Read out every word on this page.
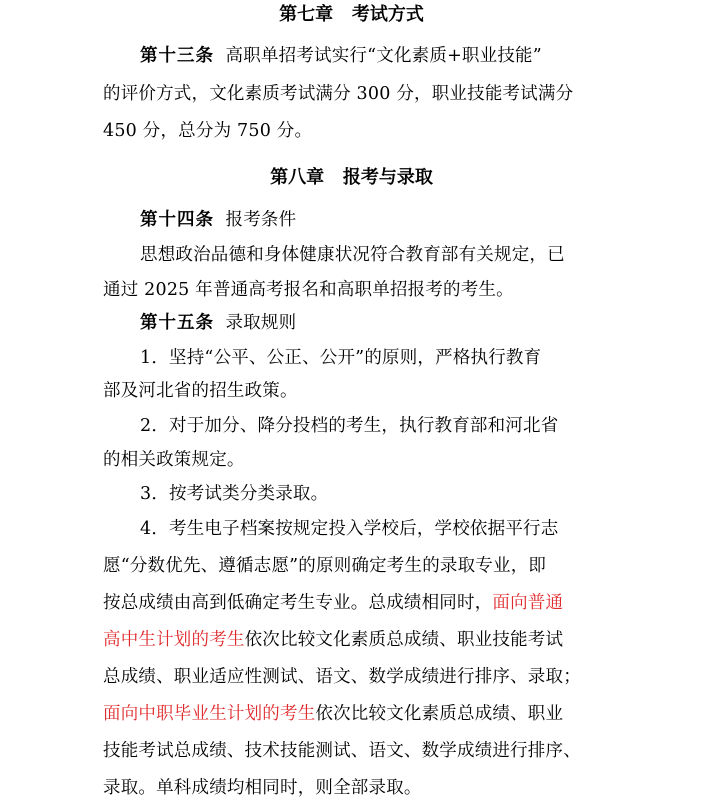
第七章   考试方式
第十三条  高职单招考试实行“文化素质+职业技能”
的评价方式，文化素质考试满分 300 分，职业技能考试满分
450 分，总分为 750 分。
第八章   报考与录取
第十四条  报考条件
思想政治品德和身体健康状况符合教育部有关规定，已
通过 2025 年普通高考报名和高职单招报考的考生。
第十五条  录取规则
1．坚持“公平、公正、公开”的原则，严格执行教育
部及河北省的招生政策。
2．对于加分、降分投档的考生，执行教育部和河北省
的相关政策规定。
3．按考试类分类录取。
4．考生电子档案按规定投入学校后，学校依据平行志
愿“分数优先、遵循志愿”的原则确定考生的录取专业，即
按总成绩由高到低确定考生专业。总成绩相同时，面向普通
高中生计划的考生依次比较文化素质总成绩、职业技能考试
总成绩、职业适应性测试、语文、数学成绩进行排序、录取；
面向中职毕业生计划的考生依次比较文化素质总成绩、职业
技能考试总成绩、技术技能测试、语文、数学成绩进行排序、
录取。单科成绩均相同时，则全部录取。
